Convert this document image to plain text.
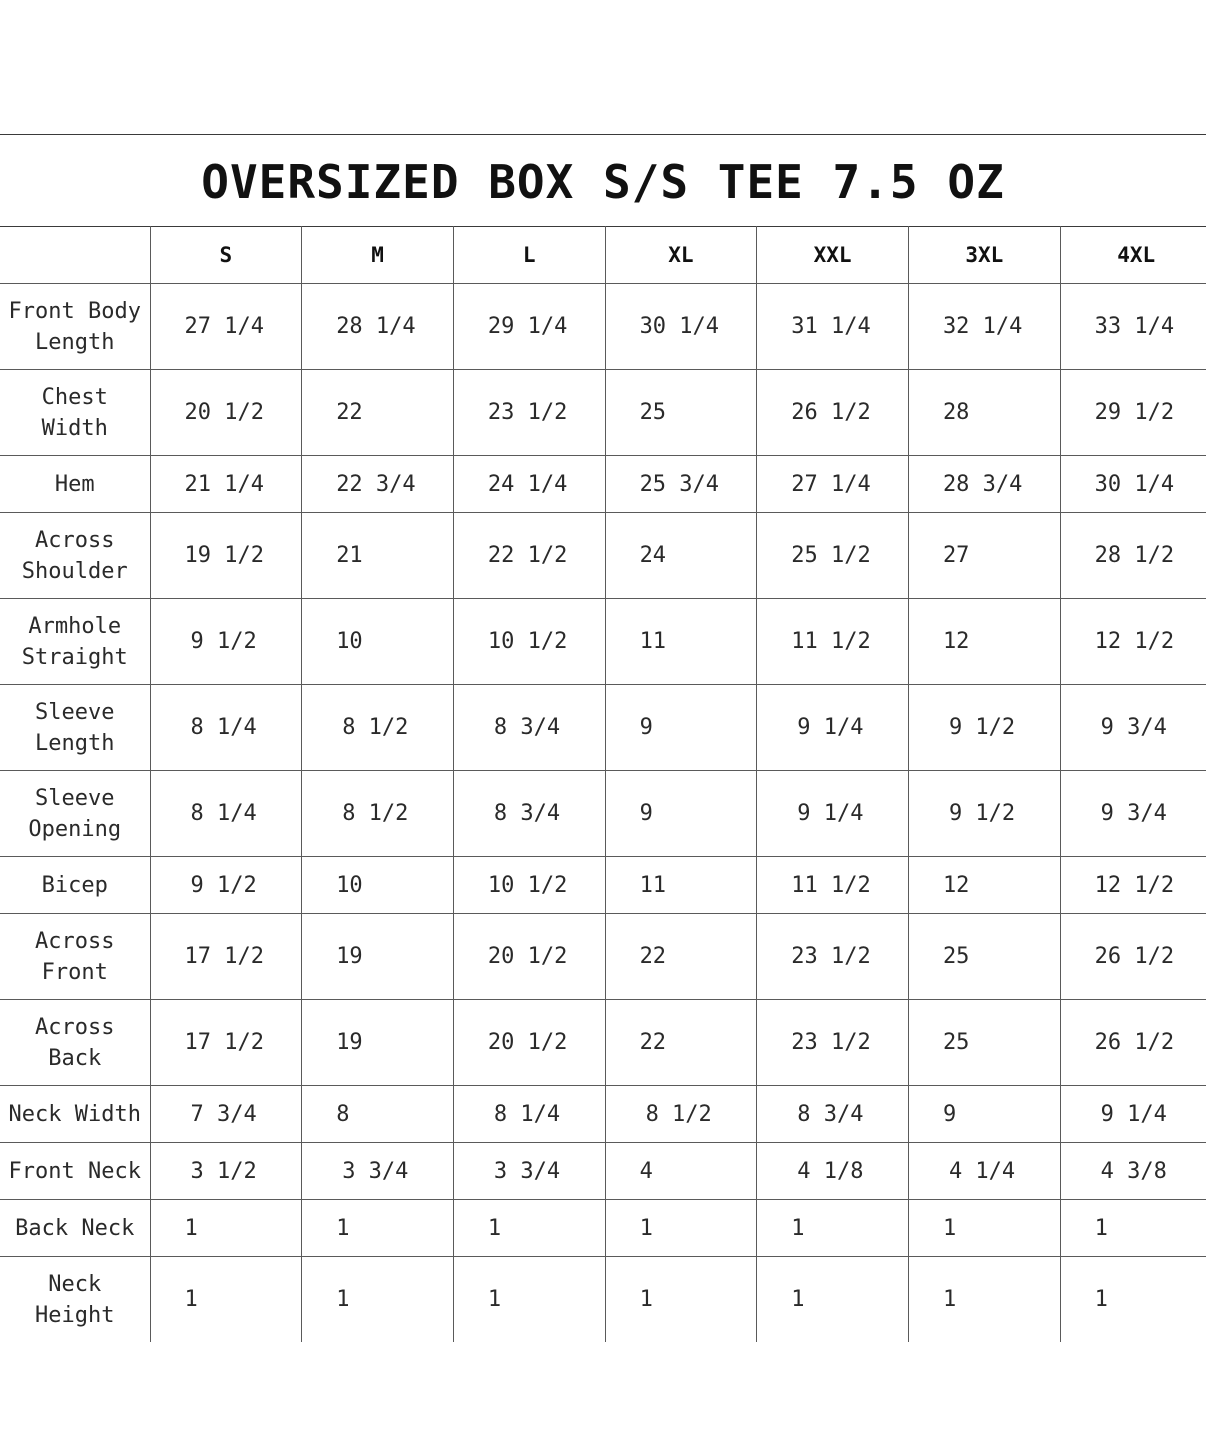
OVERSIZED BOX S/S TEE 7.5 OZ
	S	M	L	XL	XXL	3XL	4XL
Front Body Length	27 1/4	28 1/4	29 1/4	30 1/4	31 1/4	32 1/4	33 1/4
Chest Width	20 1/2	22	23 1/2	25	26 1/2	28	29 1/2
Hem	21 1/4	22 3/4	24 1/4	25 3/4	27 1/4	28 3/4	30 1/4
Across Shoulder	19 1/2	21	22 1/2	24	25 1/2	27	28 1/2
Armhole Straight	9 1/2	10	10 1/2	11	11 1/2	12	12 1/2
Sleeve Length	8 1/4	8 1/2	8 3/4	9	9 1/4	9 1/2	9 3/4
Sleeve Opening	8 1/4	8 1/2	8 3/4	9	9 1/4	9 1/2	9 3/4
Bicep	9 1/2	10	10 1/2	11	11 1/2	12	12 1/2
Across Front	17 1/2	19	20 1/2	22	23 1/2	25	26 1/2
Across Back	17 1/2	19	20 1/2	22	23 1/2	25	26 1/2
Neck Width	7 3/4	8	8 1/4	8 1/2	8 3/4	9	9 1/4
Front Neck	3 1/2	3 3/4	3 3/4	4	4 1/8	4 1/4	4 3/8
Back Neck	1	1	1	1	1	1	1
Neck Height	1	1	1	1	1	1	1
